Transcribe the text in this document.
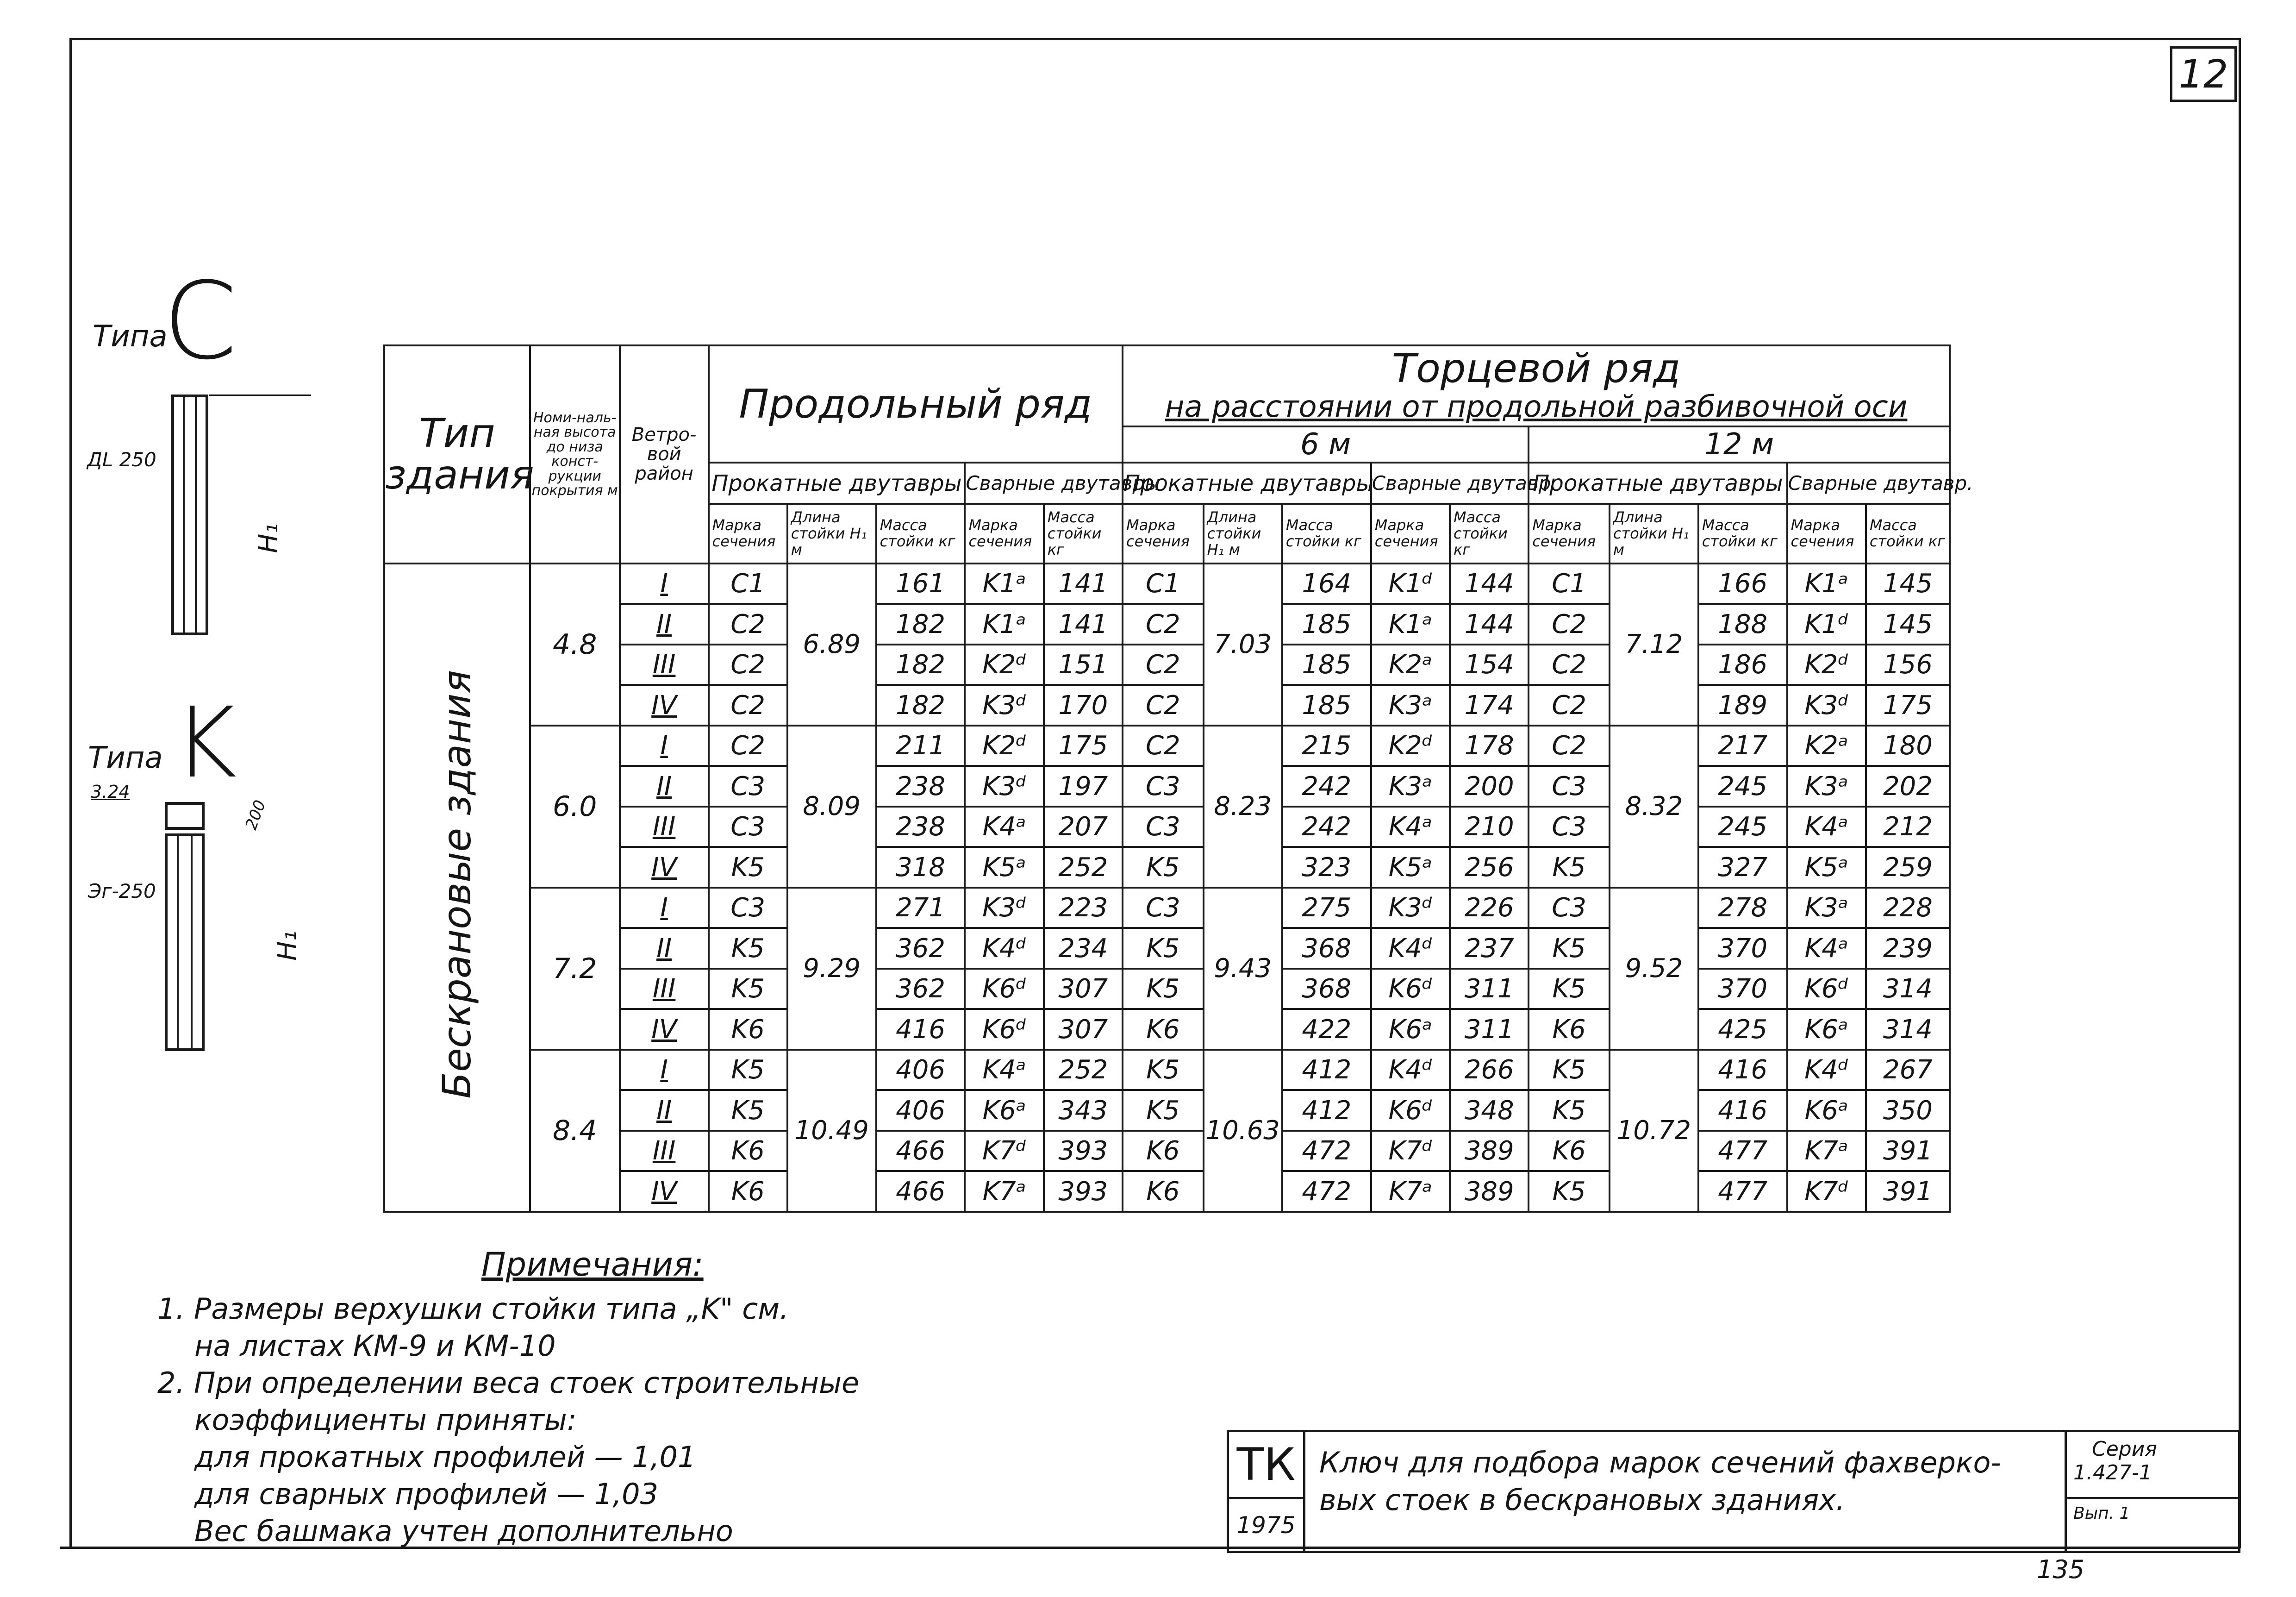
12
Типа
C
ДL 250
H₁
Типа K
3.24
200
Эг-250
H₁
Тип здания	Номи-наль-ная высота до низа конст-рукции покрытия м	Ветро-вой район	Продольный ряд					Торцевой ряд
на расстоянии от продольной разбивочной оси									

								6 м					12 м				
			Прокатные двутавры			Сварные двутавры		Прокатные двутавры			Сварные двутавр.		Прокатные двутавры			Сварные двутавр.	
			Марка сечения	Длина стойки H₁ м	Масса стойки кг	Марка сечения	Масса стойки кг	Марка сечения	Длина стойки H₁ м	Масса стойки кг	Марка сечения	Масса стойки кг	Марка сечения	Длина стойки H₁ м	Масса стойки кг	Марка сечения	Масса стойки кг
Бескрановые здания	4.8	I	C1	6.89	161	K1ᵃ	141	C1	7.03	164	K1ᵈ	144	C1	7.12	166	K1ᵃ	145
		II	C2		182	K1ᵃ	141	C2		185	K1ᵃ	144	C2		188	K1ᵈ	145
		III	C2		182	K2ᵈ	151	C2		185	K2ᵃ	154	C2		186	K2ᵈ	156
		IV	C2		182	K3ᵈ	170	C2		185	K3ᵃ	174	C2		189	K3ᵈ	175
	6.0	I	C2	8.09	211	K2ᵈ	175	C2	8.23	215	K2ᵈ	178	C2	8.32	217	K2ᵃ	180
		II	C3		238	K3ᵈ	197	C3		242	K3ᵃ	200	C3		245	K3ᵃ	202
		III	C3		238	K4ᵃ	207	C3		242	K4ᵃ	210	C3		245	K4ᵃ	212
		IV	K5		318	K5ᵃ	252	K5		323	K5ᵃ	256	K5		327	K5ᵃ	259
	7.2	I	C3	9.29	271	K3ᵈ	223	C3	9.43	275	K3ᵈ	226	C3	9.52	278	K3ᵃ	228
		II	K5		362	K4ᵈ	234	K5		368	K4ᵈ	237	K5		370	K4ᵃ	239
		III	K5		362	K6ᵈ	307	K5		368	K6ᵈ	311	K5		370	K6ᵈ	314
		IV	K6		416	K6ᵈ	307	K6		422	K6ᵃ	311	K6		425	K6ᵃ	314
	8.4	I	K5	10.49	406	K4ᵃ	252	K5	10.63	412	K4ᵈ	266	K5	10.72	416	K4ᵈ	267
		II	K5		406	K6ᵃ	343	K5		412	K6ᵈ	348	K5		416	K6ᵃ	350
		III	K6		466	K7ᵈ	393	K6		472	K7ᵈ	389	K6		477	K7ᵃ	391
		IV	K6		466	K7ᵃ	393	K6		472	K7ᵃ	389	K5		477	K7ᵈ	391
Примечания:
1. Размеры верхушки стойки типа „K" см.
на листах КМ-9 и КМ-10
2. При определении веса стоек строительные
коэффициенты приняты:
для прокатных профилей — 1,01
для сварных профилей — 1,03
Вес башмака учтен дополнительно
ТК
1975
Ключ для подбора марок сечений фахверко-
вых стоек в бескрановых зданиях.
Серия
1.427-1
Вып. 1
135
